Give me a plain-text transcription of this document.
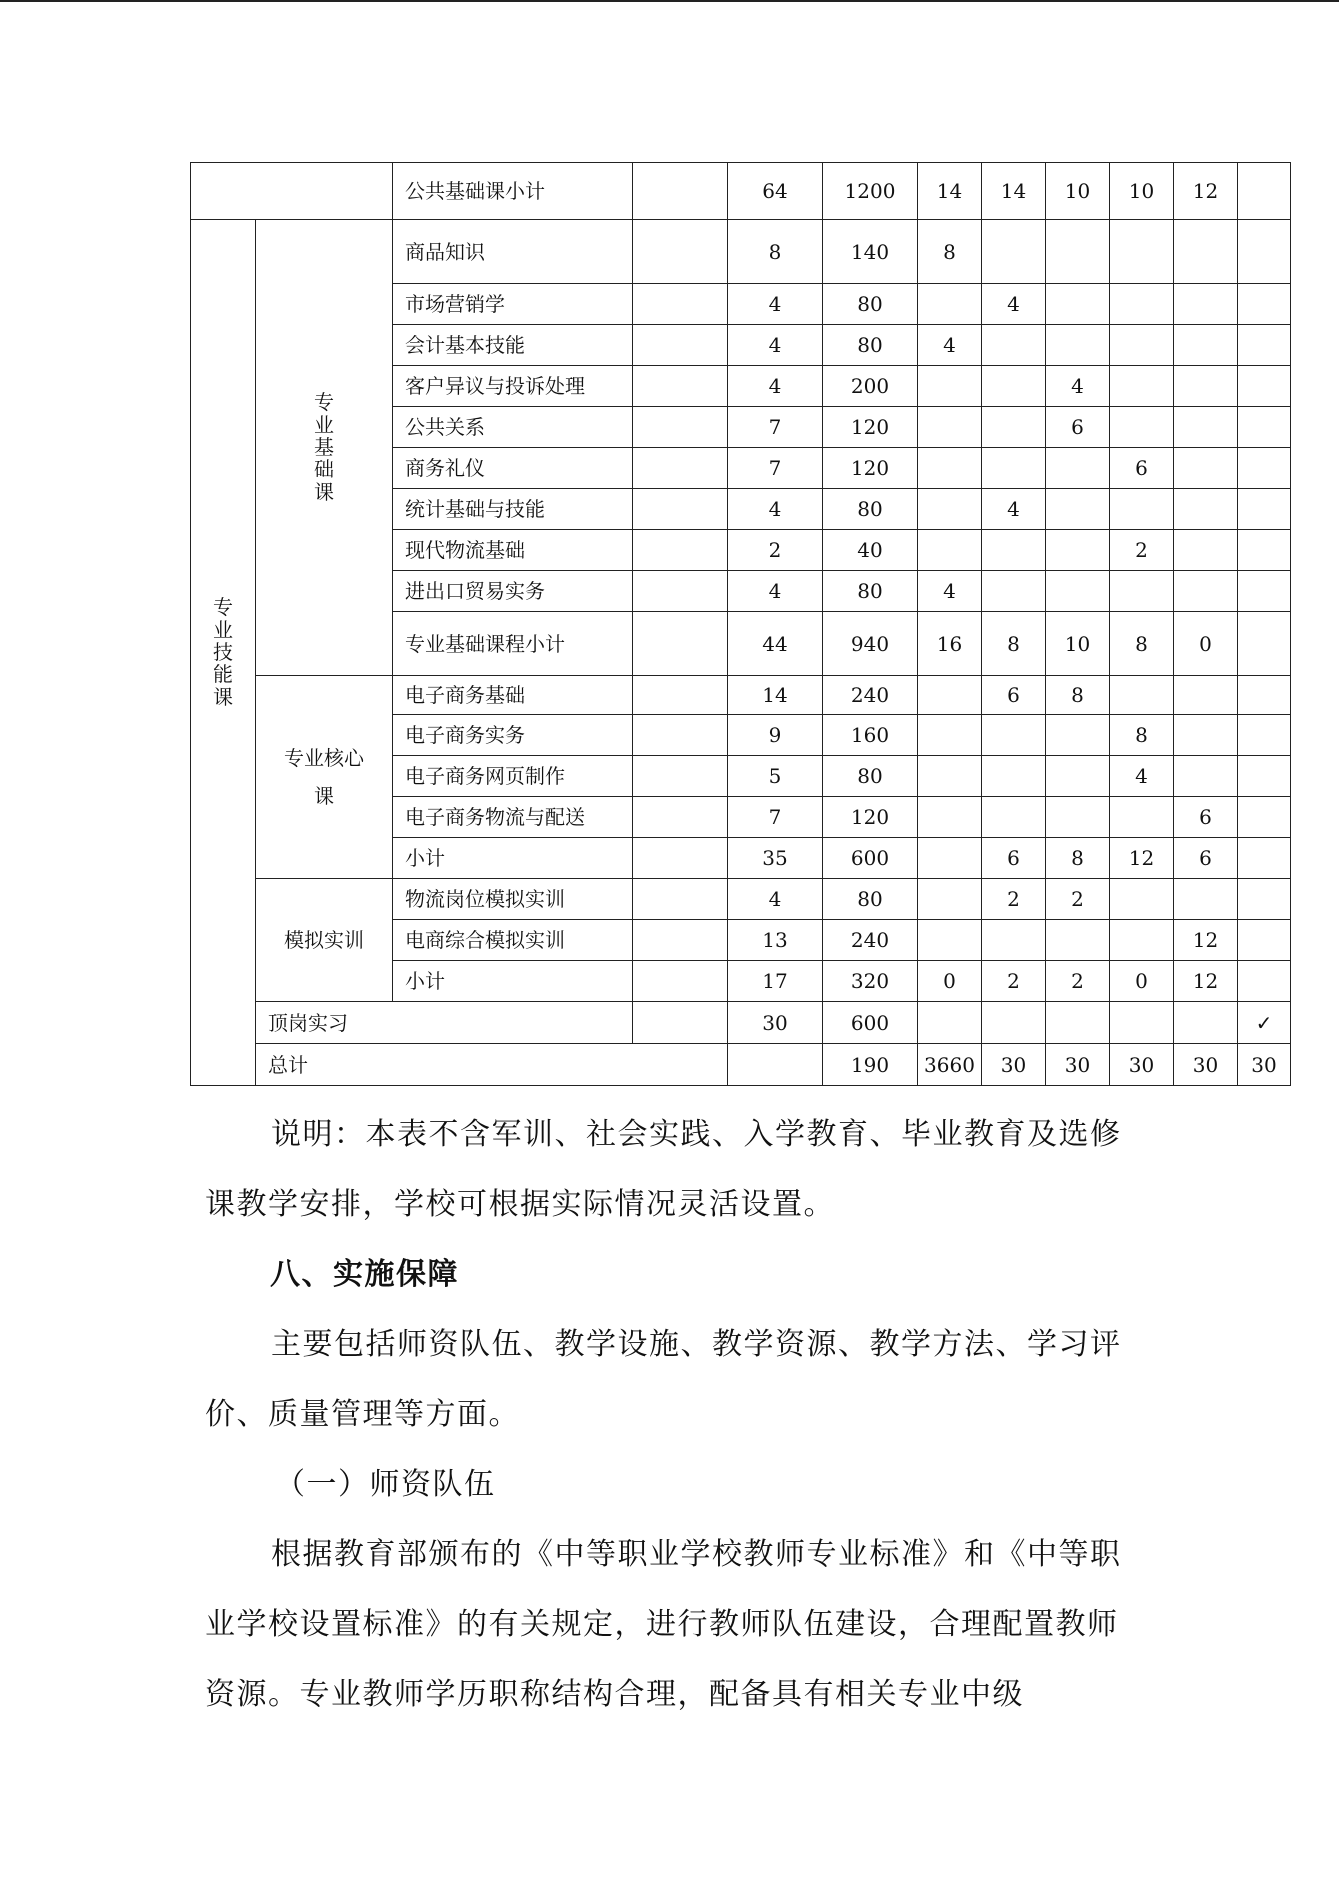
		公共基础课小计		64	1200	14	14	10	10	12		
专业技能课	专业基础课	商品知识		8	140	8						
		市场营销学		4	80		4					
		会计基本技能		4	80	4						
		客户异议与投诉处理		4	200			4				
		公共关系		7	120			6				
		商务礼仪		7	120				6			
		统计基础与技能		4	80		4					
		现代物流基础		2	40				2			
		进出口贸易实务		4	80	4						
		专业基础课程小计		44	940	16	8	10	8	0		
	专业核心课	电子商务基础		14	240		6	8				
		电子商务实务		9	160				8			
		电子商务网页制作		5	80				4			
		电子商务物流与配送		7	120					6		
		小计		35	600		6	8	12	6		
	模拟实训	物流岗位模拟实训		4	80		2	2				
		电商综合模拟实训		13	240					12		
		小计		17	320	0	2	2	0	12		
	顶岗实习			30	600						✓	
	总计				190	3660	30	30	30	30	30	

说明：本表不含军训、社会实践、入学教育、毕业教育及选修课教学安排，学校可根据实际情况灵活设置。

八、实施保障

主要包括师资队伍、教学设施、教学资源、教学方法、学习评价、质量管理等方面。

（一）师资队伍

根据教育部颁布的《中等职业学校教师专业标准》和《中等职业学校设置标准》的有关规定，进行教师队伍建设，合理配置教师资源。专业教师学历职称结构合理，配备具有相关专业中级
